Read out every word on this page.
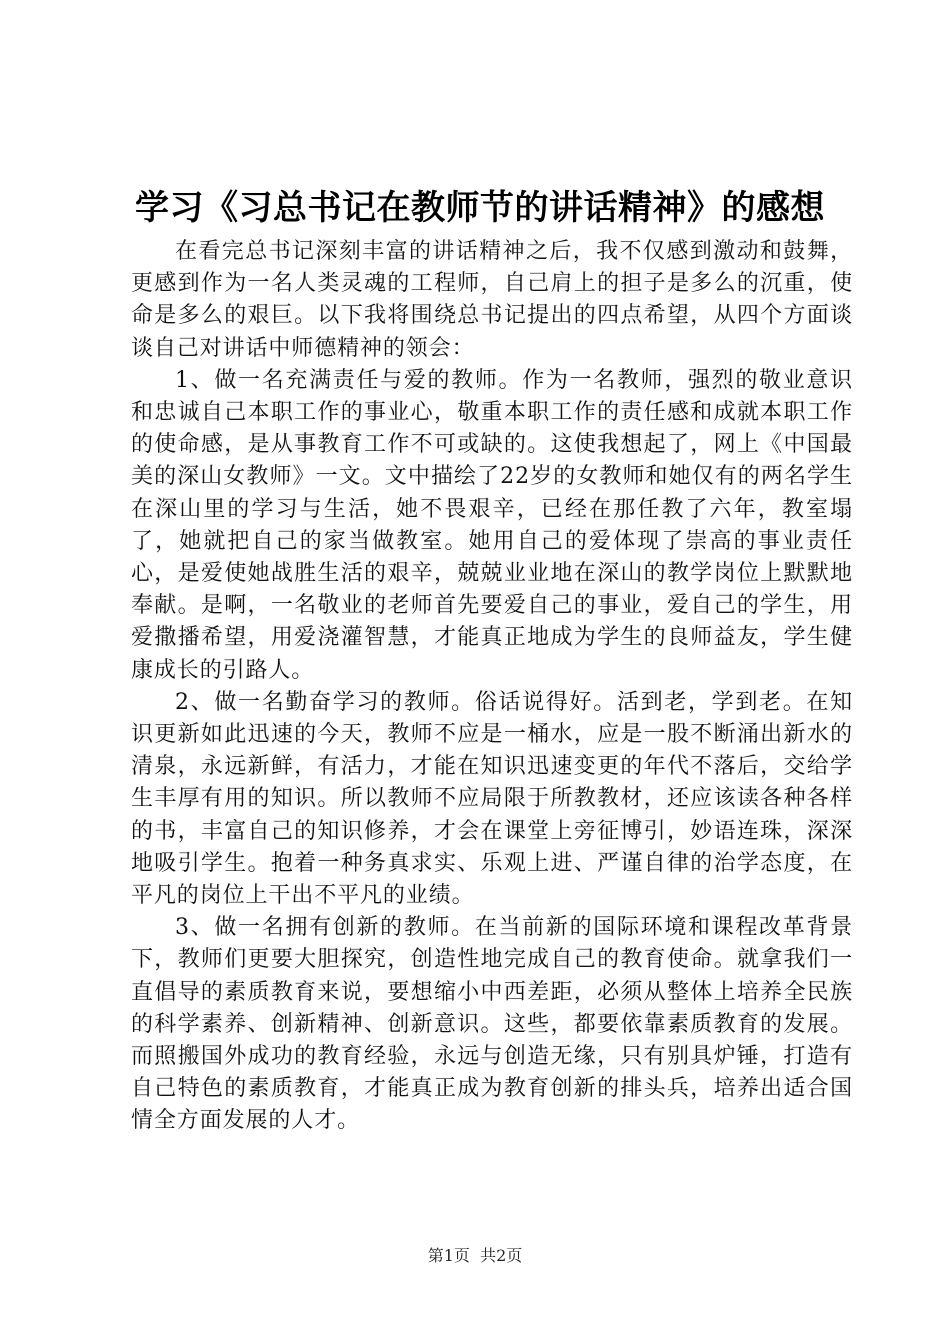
学习《习总书记在教师节的讲话精神》的感想

在看完总书记深刻丰富的讲话精神之后，我不仅感到激动和鼓舞，更感到作为一名人类灵魂的工程师，自己肩上的担子是多么的沉重，使命是多么的艰巨。以下我将围绕总书记提出的四点希望，从四个方面谈谈自己对讲话中师德精神的领会：

1、做一名充满责任与爱的教师。作为一名教师，强烈的敬业意识和忠诚自己本职工作的事业心，敬重本职工作的责任感和成就本职工作的使命感，是从事教育工作不可或缺的。这使我想起了，网上《中国最美的深山女教师》一文。文中描绘了22岁的女教师和她仅有的两名学生在深山里的学习与生活，她不畏艰辛，已经在那任教了六年，教室塌了，她就把自己的家当做教室。她用自己的爱体现了崇高的事业责任心，是爱使她战胜生活的艰辛，兢兢业业地在深山的教学岗位上默默地奉献。是啊，一名敬业的老师首先要爱自己的事业，爱自己的学生，用爱撒播希望，用爱浇灌智慧，才能真正地成为学生的良师益友，学生健康成长的引路人。

2、做一名勤奋学习的教师。俗话说得好。活到老，学到老。在知识更新如此迅速的今天，教师不应是一桶水，应是一股不断涌出新水的清泉，永远新鲜，有活力，才能在知识迅速变更的年代不落后，交给学生丰厚有用的知识。所以教师不应局限于所教教材，还应该读各种各样的书，丰富自己的知识修养，才会在课堂上旁征博引，妙语连珠，深深地吸引学生。抱着一种务真求实、乐观上进、严谨自律的治学态度，在平凡的岗位上干出不平凡的业绩。

3、做一名拥有创新的教师。在当前新的国际环境和课程改革背景下，教师们更要大胆探究，创造性地完成自己的教育使命。就拿我们一直倡导的素质教育来说，要想缩小中西差距，必须从整体上培养全民族的科学素养、创新精神、创新意识。这些，都要依靠素质教育的发展。而照搬国外成功的教育经验，永远与创造无缘，只有别具炉锤，打造有自己特色的素质教育，才能真正成为教育创新的排头兵，培养出适合国情全方面发展的人才。

第1页  共2页
